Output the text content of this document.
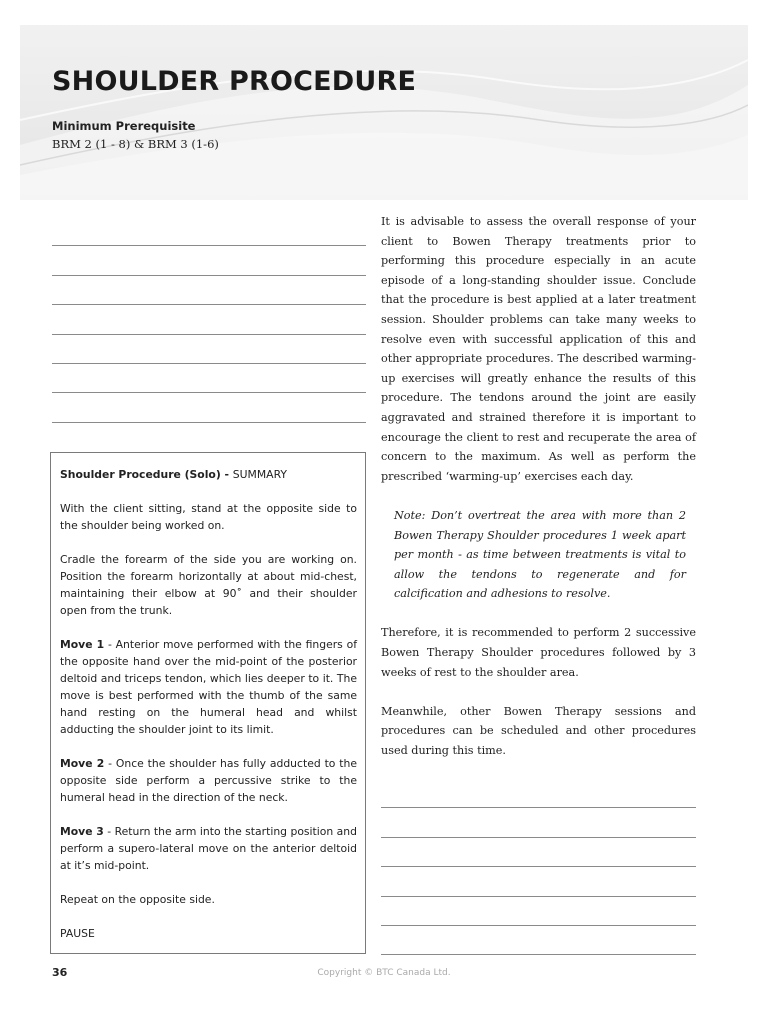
SHOULDER PROCEDURE
Minimum Prerequisite
BRM 2 (1 - 8) & BRM 3 (1-6)

Shoulder Procedure (Solo) - SUMMARY

With the client sitting, stand at the opposite side to the shoulder being worked on.

Cradle the forearm of the side you are working on. Position the forearm horizontally at about mid-chest, maintaining their elbow at 90˚ and their shoulder open from the trunk.

Move 1 - Anterior move performed with the fingers of the opposite hand over the mid-point of the posterior deltoid and triceps tendon, which lies deeper to it. The move is best performed with the thumb of the same hand resting on the humeral head and whilst adducting the shoulder joint to its limit.

Move 2 - Once the shoulder has fully adducted to the opposite side perform a percussive strike to the humeral head in the direction of the neck.

Move 3 - Return the arm into the starting position and perform a supero-lateral move on the anterior deltoid at it’s mid-point.

Repeat on the opposite side.

PAUSE

It is advisable to assess the overall response of your client to Bowen Therapy treatments prior to performing this procedure especially in an acute episode of a long-standing shoulder issue. Conclude that the procedure is best applied at a later treatment session. Shoulder problems can take many weeks to resolve even with successful application of this and other appropriate procedures. The described warming-up exercises will greatly enhance the results of this procedure. The tendons around the joint are easily aggravated and strained therefore it is important to encourage the client to rest and recuperate the area of concern to the maximum. As well as perform the prescribed ‘warming-up’ exercises each day.

Note: Don’t overtreat the area with more than 2 Bowen Therapy Shoulder procedures 1 week apart per month - as time between treatments is vital to allow the tendons to regenerate and for calcification and adhesions to resolve.

Therefore, it is recommended to perform 2 successive Bowen Therapy Shoulder procedures followed by 3 weeks of rest to the shoulder area.

Meanwhile, other Bowen Therapy sessions and procedures can be scheduled and other procedures used during this time.

36	Copyright © BTC Canada Ltd.
